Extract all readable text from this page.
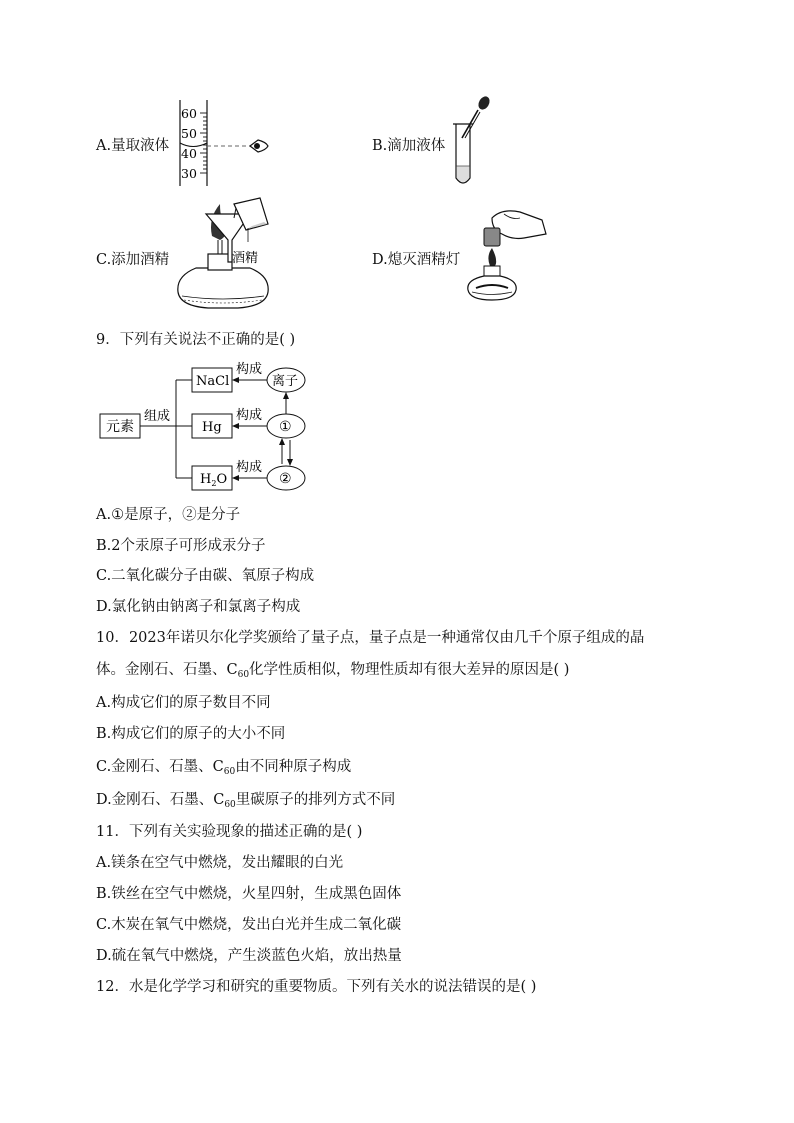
A.量取液体
60
50
40
30
B.滴加液体
C.添加酒精	酒精	D.熄灭酒精灯
9．下列有关说法不正确的是( )
元素
组成
NaCl
Hg
$H_2O$
离子
①
②
构成
构成
构成
A.①是原子，②是分子
B.2个汞原子可形成汞分子
C.二氧化碳分子由碳、氧原子构成
D.氯化钠由钠离子和氯离子构成
10．2023年诺贝尔化学奖颁给了量子点，量子点是一种通常仅由几千个原子组成的晶
体。金刚石、石墨、$C_{60}$化学性质相似，物理性质却有很大差异的原因是( )
A.构成它们的原子数目不同
B.构成它们的原子的大小不同
C.金刚石、石墨、$C_{60}$由不同种原子构成
D.金刚石、石墨、$C_{60}$里碳原子的排列方式不同
11．下列有关实验现象的描述正确的是( )
A.镁条在空气中燃烧，发出耀眼的白光
B.铁丝在空气中燃烧，火星四射，生成黑色固体
C.木炭在氧气中燃烧，发出白光并生成二氧化碳
D.硫在氧气中燃烧，产生淡蓝色火焰，放出热量
12．水是化学学习和研究的重要物质。下列有关水的说法错误的是( )
